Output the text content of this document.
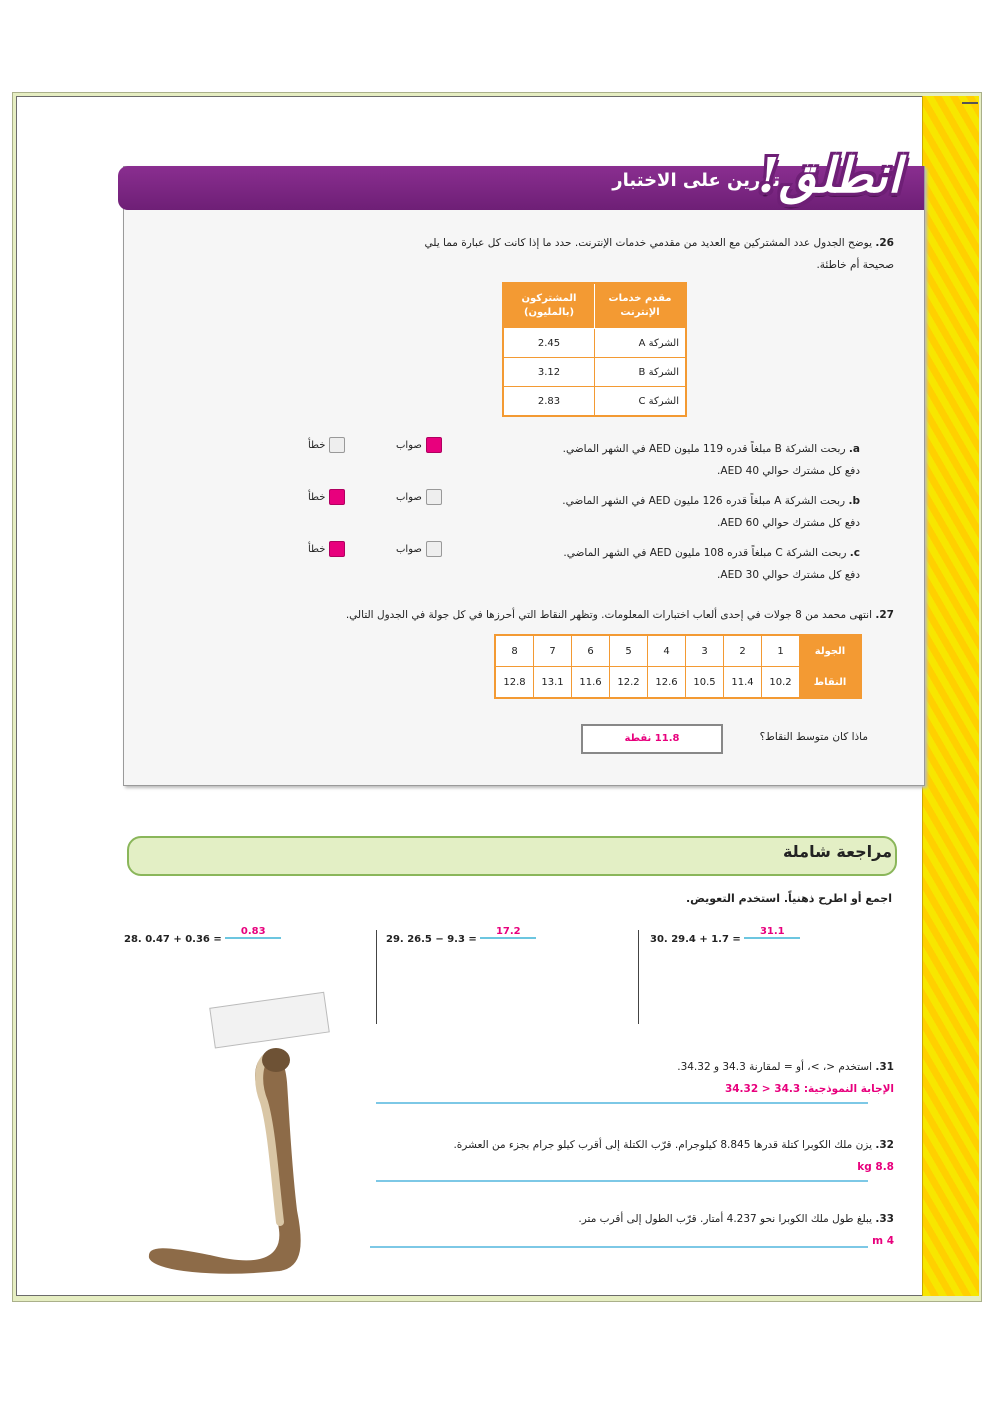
تمرين على الاختبار
انطلق!
26. يوضح الجدول عدد المشتركين مع العديد من مقدمي خدمات الإنترنت. حدد ما إذا كانت كل عبارة مما يلي
صحيحة أم خاطئة.
المشتركون (بالمليون)	مقدم خدمات الإنترنت
2.45	الشركة A
3.12	الشركة B
2.83	الشركة C
a. ربحت الشركة B مبلغاً قدره 119 مليون AED في الشهر الماضي.
دفع كل مشترك حوالي 40 AED.
صواب
خطأ
b. ربحت الشركة A مبلغاً قدره 126 مليون AED في الشهر الماضي.
دفع كل مشترك حوالي 60 AED.
صواب
خطأ
c. ربحت الشركة C مبلغاً قدره 108 مليون AED في الشهر الماضي.
دفع كل مشترك حوالي 30 AED.
صواب
خطأ
27. انتهى محمد من 8 جولات في إحدى ألعاب اختبارات المعلومات. وتظهر النقاط التي أحرزها في كل جولة في الجدول التالي.
8	7	6	5	4	3	2	1	الجولة
12.8	13.1	11.6	12.2	12.6	10.5	11.4	10.2	النقاط
ماذا كان متوسط النقاط؟
11.8 نقطة
مراجعة شاملة
اجمع أو اطرح ذهنياً. استخدم التعويض.
28. 0.47 + 0.36 = 0.83
29. 26.5 − 9.3 = 17.2
30. 29.4 + 1.7 = 31.1
31. استخدم <، >، أو = لمقارنة 34.3 و 34.32.
الإجابة النموذجية: 34.3 < 34.32
32. يزن ملك الكوبرا كتلة قدرها 8.845 كيلوجرام. قرّب الكتلة إلى أقرب كيلو جرام بجزء من العشرة.
8.8 kg
33. يبلغ طول ملك الكوبرا نحو 4.237 أمتار. قرّب الطول إلى أقرب متر.
4 m
